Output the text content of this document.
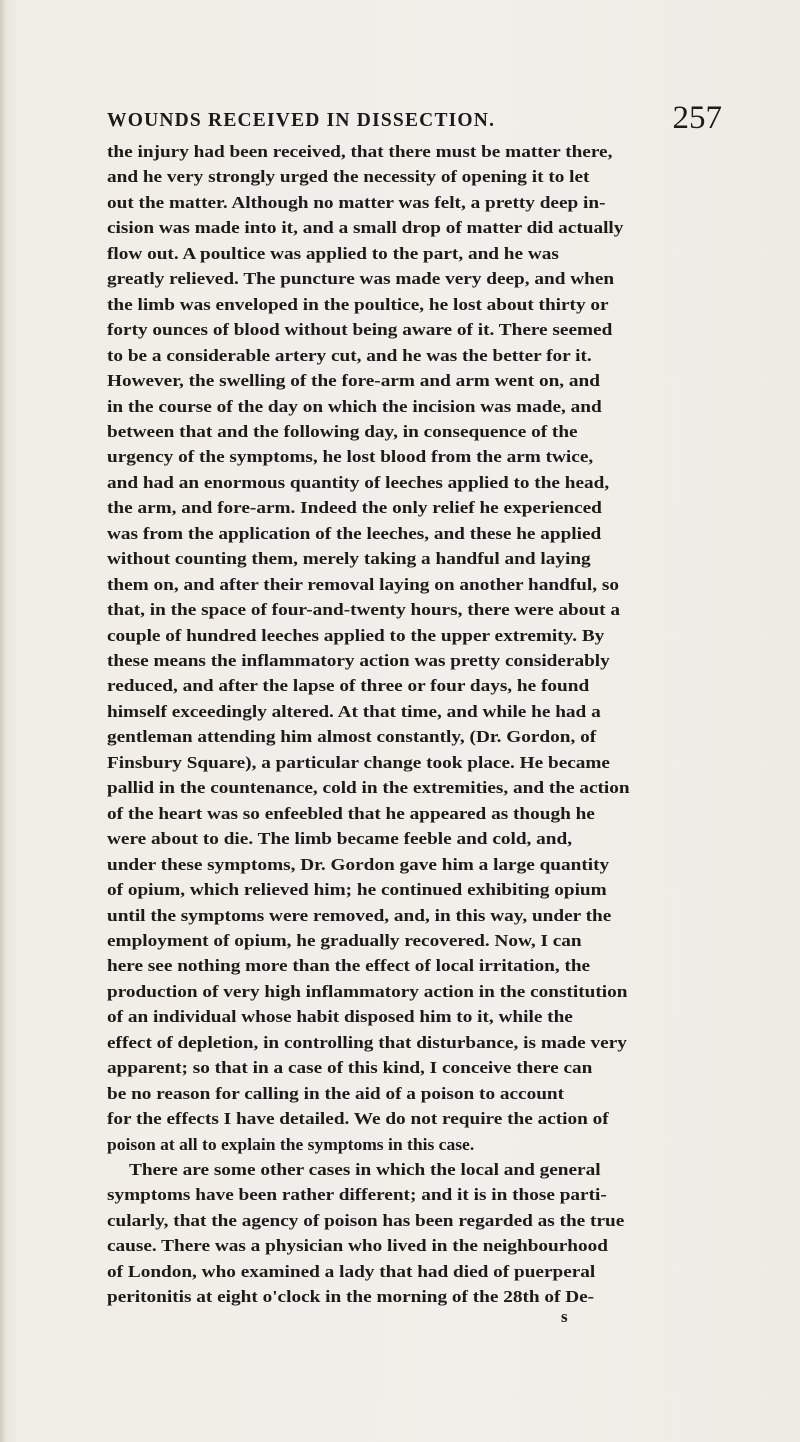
WOUNDS RECEIVED IN DISSECTION.	257
the injury had been received, that there must be matter there,
and he very strongly urged the necessity of opening it to let
out the matter. Although no matter was felt, a pretty deep in-
cision was made into it, and a small drop of matter did actually
flow out. A poultice was applied to the part, and he was
greatly relieved. The puncture was made very deep, and when
the limb was enveloped in the poultice, he lost about thirty or
forty ounces of blood without being aware of it. There seemed
to be a considerable artery cut, and he was the better for it.
However, the swelling of the fore-arm and arm went on, and
in the course of the day on which the incision was made, and
between that and the following day, in consequence of the
urgency of the symptoms, he lost blood from the arm twice,
and had an enormous quantity of leeches applied to the head,
the arm, and fore-arm. Indeed the only relief he experienced
was from the application of the leeches, and these he applied
without counting them, merely taking a handful and laying
them on, and after their removal laying on another handful, so
that, in the space of four-and-twenty hours, there were about a
couple of hundred leeches applied to the upper extremity. By
these means the inflammatory action was pretty considerably
reduced, and after the lapse of three or four days, he found
himself exceedingly altered. At that time, and while he had a
gentleman attending him almost constantly, (Dr. Gordon, of
Finsbury Square), a particular change took place. He became
pallid in the countenance, cold in the extremities, and the action
of the heart was so enfeebled that he appeared as though he
were about to die. The limb became feeble and cold, and,
under these symptoms, Dr. Gordon gave him a large quantity
of opium, which relieved him; he continued exhibiting opium
until the symptoms were removed, and, in this way, under the
employment of opium, he gradually recovered. Now, I can
here see nothing more than the effect of local irritation, the
production of very high inflammatory action in the constitution
of an individual whose habit disposed him to it, while the
effect of depletion, in controlling that disturbance, is made very
apparent; so that in a case of this kind, I conceive there can
be no reason for calling in the aid of a poison to account
for the effects I have detailed. We do not require the action of
poison at all to explain the symptoms in this case.
There are some other cases in which the local and general
symptoms have been rather different; and it is in those parti-
cularly, that the agency of poison has been regarded as the true
cause. There was a physician who lived in the neighbourhood
of London, who examined a lady that had died of puerperal
peritonitis at eight o'clock in the morning of the 28th of De-
s
